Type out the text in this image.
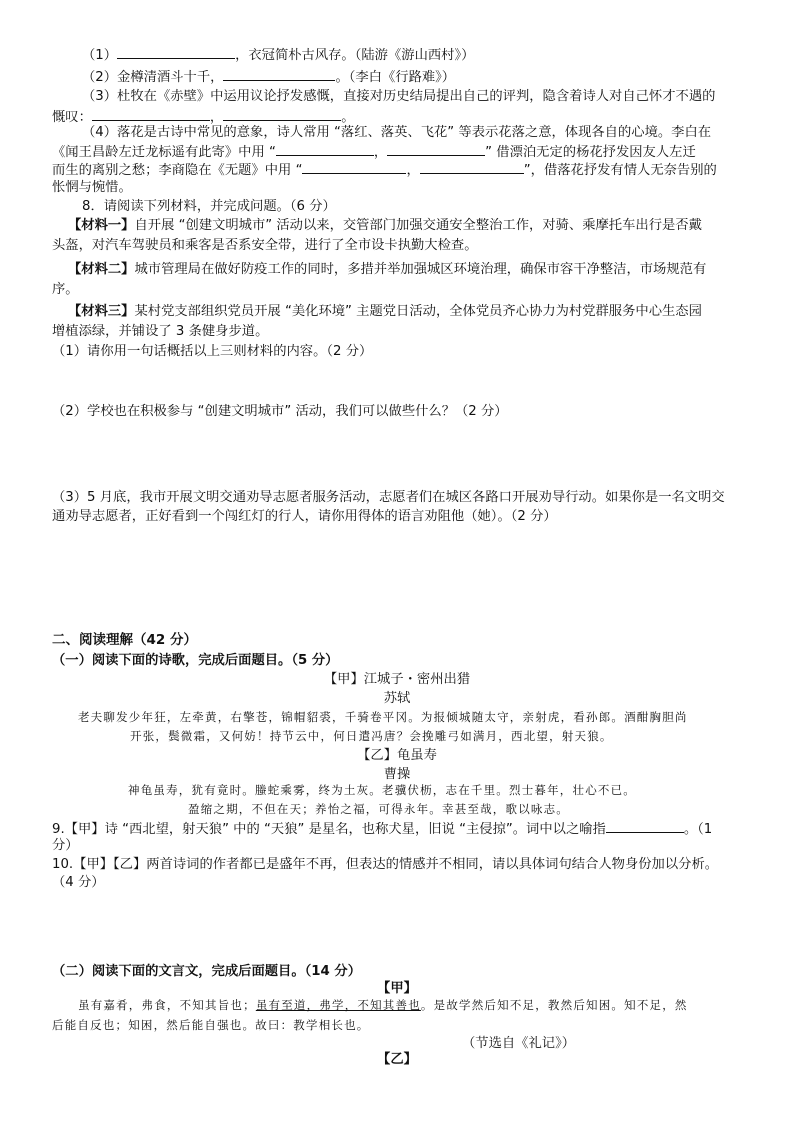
（1）	，衣冠简朴古风存。（陆游《游山西村》）
（2）金樽清酒斗十千，	。（李白《行路难》）
（3）杜牧在《赤壁》中运用议论抒发感慨，直接对历史结局提出自己的评判，隐含着诗人对自己怀才不遇的
慨叹：	，	。
（4）落花是古诗中常见的意象，诗人常用 “落红、落英、飞花” 等表示花落之意，体现各自的心境。李白在
《闻王昌龄左迁龙标遥有此寄》中用 “	，	” 借漂泊无定的杨花抒发因友人左迁
而生的离别之愁；李商隐在《无题》中用 “	，	”，借落花抒发有情人无奈告别的
怅惘与惋惜。
8．请阅读下列材料，并完成问题。（6 分）
【材料一】自开展 “创建文明城市” 活动以来，交管部门加强交通安全整治工作，对骑、乘摩托车出行是否戴
头盔，对汽车驾驶员和乘客是否系安全带，进行了全市设卡执勤大检查。
【材料二】城市管理局在做好防疫工作的同时，多措并举加强城区环境治理，确保市容干净整洁，市场规范有
序。
【材料三】某村党支部组织党员开展 “美化环境” 主题党日活动，全体党员齐心协力为村党群服务中心生态园
增植添绿，并铺设了 3 条健身步道。
（1）请你用一句话概括以上三则材料的内容。（2 分）
（2）学校也在积极参与 “创建文明城市” 活动，我们可以做些什么？（2 分）
（3）5 月底，我市开展文明交通劝导志愿者服务活动，志愿者们在城区各路口开展劝导行动。如果你是一名文明交
通劝导志愿者，正好看到一个闯红灯的行人，请你用得体的语言劝阻他（她）。（2 分）
二、阅读理解（42 分）
（一）阅读下面的诗歌，完成后面题目。（5 分）
【甲】江城子・密州出猎
苏轼
老夫聊发少年狂，左牵黄，右擎苍，锦帽貂裘，千骑卷平冈。为报倾城随太守，亲射虎，看孙郎。酒酣胸胆尚
开张，鬓微霜，又何妨！持节云中，何日遣冯唐？会挽雕弓如满月，西北望，射天狼。
【乙】龟虽寿
曹操
神龟虽寿，犹有竟时。螣蛇乘雾，终为土灰。老骥伏枥，志在千里。烈士暮年，壮心不已。
盈缩之期，不但在天；养怡之福，可得永年。幸甚至哉，歌以咏志。
9.【甲】诗 “西北望，射天狼” 中的 “天狼” 是星名，也称犬星，旧说 “主侵掠”。词中以之喻指	。（1
分）
10.【甲】【乙】两首诗词的作者都已是盛年不再，但表达的情感并不相同，请以具体词句结合人物身份加以分析。
（4 分）
（二）阅读下面的文言文，完成后面题目。（14 分）
【甲】
虽有嘉肴，弗食，不知其旨也；虽有至道，弗学，不知其善也。是故学然后知不足，教然后知困。知不足，然
后能自反也；知困，然后能自强也。故曰：教学相长也。
（节选自《礼记》）
【乙】
